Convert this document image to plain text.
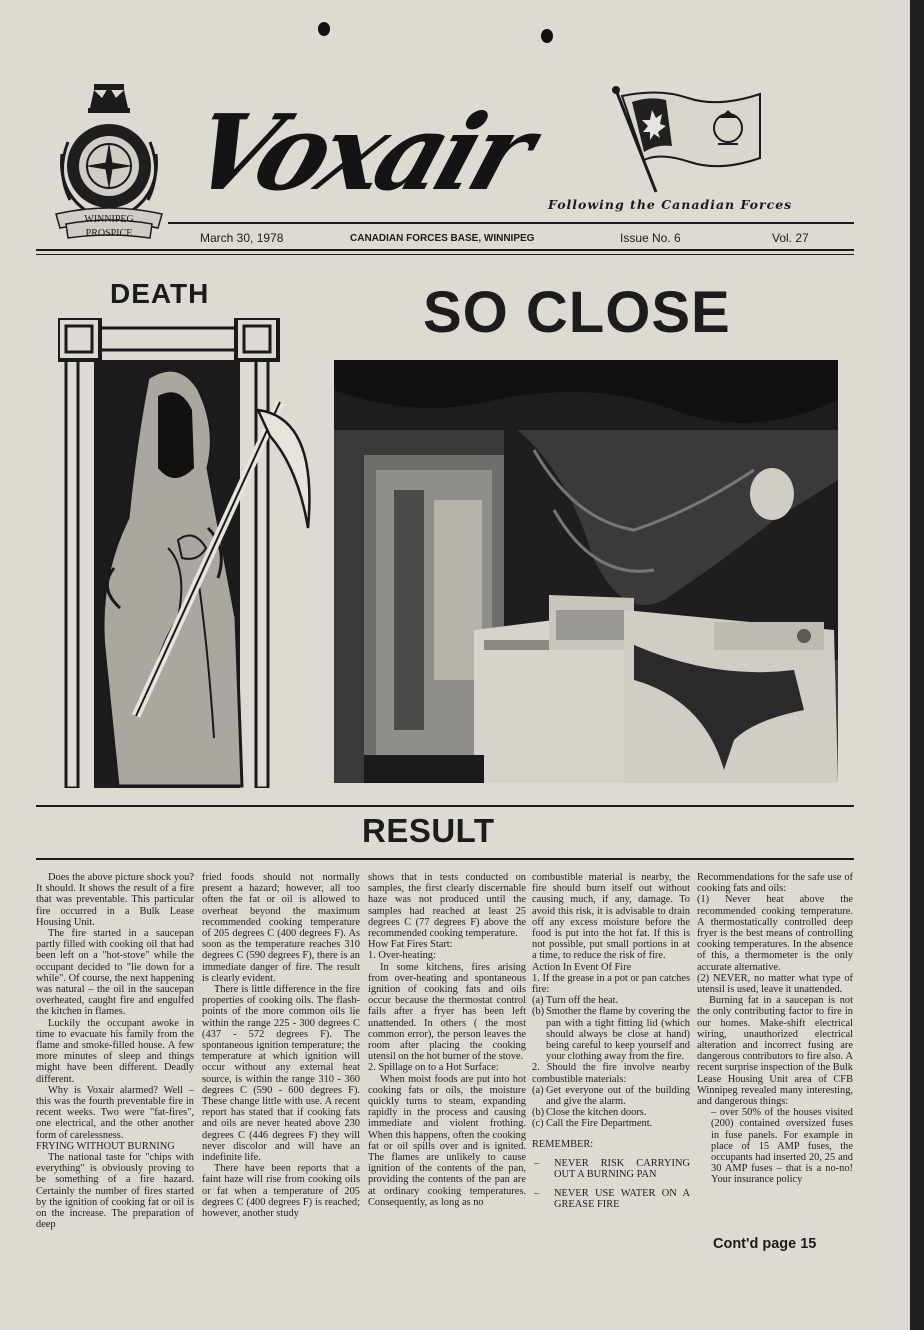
WINNIPEG
PROSPICE
Voxair Following the Canadian Forces
March 30, 1978	CANADIAN FORCES BASE, WINNIPEG	Issue No. 6	Vol. 27
DEATH	SO CLOSE
RESULT

Does the above picture shock you? It should. It shows the result of a fire that was preventable. This particular fire occurred in a Bulk Lease Housing Unit.

The fire started in a saucepan partly filled with cooking oil that had been left on a "hot-stove" while the occupant decided to "lie down for a while". Of course, the next happening was natural – the oil in the saucepan overheated, caught fire and engulfed the kitchen in flames.

Luckily the occupant awoke in time to evacuate his family from the flame and smoke-filled house. A few more minutes of sleep and things might have been different. Deadly different.

Why is Voxair alarmed? Well – this was the fourth preventable fire in recent weeks. Two were "fat-fires", one electrical, and the other another form of carelessness.

FRYING WITHOUT BURNING

The national taste for "chips with everything" is obviously proving to be something of a fire hazard. Certainly the number of fires started by the ignition of cooking fat or oil is on the increase. The preparation of deep

fried foods should not normally present a hazard; however, all too often the fat or oil is allowed to overheat beyond the maximum recommended cooking temperature of 205 degrees C (400 degrees F). As soon as the temperature reaches 310 degrees C (590 degrees F), there is an immediate danger of fire. The result is clearly evident.

There is little difference in the fire properties of cooking oils. The flash-points of the more common oils lie within the range 225 - 300 degrees C (437 - 572 degrees F). The spontaneous ignition temperature; the temperature at which ignition will occur without any external heat source, is within the range 310 - 360 degrees C (590 - 600 degrees F). These change little with use. A recent report has stated that if cooking fats and oils are never heated above 230 degrees C (446 degrees F) they will never discolor and will have an indefinite life.

There have been reports that a faint haze will rise from cooking oils or fat when a temperature of 205 degrees C (400 degrees F) is reached; however, another study

shows that in tests conducted on samples, the first clearly discernable haze was not produced until the samples had reached at least 25 degrees C (77 degrees F) above the recommended cooking temperature.

How Fat Fires Start:

1. Over-heating:

In some kitchens, fires arising from over-heating and spontaneous ignition of cooking fats and oils occur because the thermostat control fails after a fryer has been left unattended. In others ( the most common error), the person leaves the room after placing the cooking utensil on the hot burner of the stove.

2. Spillage on to a Hot Surface:

When moist foods are put into hot cooking fats or oils, the moisture quickly turns to steam, expanding rapidly in the process and causing immediate and violent frothing. When this happens, often the cooking fat or oil spills over and is ignited. The flames are unlikely to cause ignition of the contents of the pan, providing the contents of the pan are at ordinary cooking temperatures. Consequently, as long as no

combustible material is nearby, the fire should burn itself out without causing much, if any, damage. To avoid this risk, it is advisable to drain off any excess moisture before the food is put into the hot fat. If this is not possible, put small portions in at a time, to reduce the risk of fire.

Action In Event Of Fire

1. If the grease in a pot or pan catches fire:

(a) Turn off the heat.

(b) Smother the flame by covering the pan with a tight fitting lid (which should always be close at hand) being careful to keep yourself and your clothing away from the fire.

2. Should the fire involve nearby combustible materials:

(a) Get everyone out of the building and give the alarm.

(b) Close the kitchen doors.

(c) Call the Fire Department.

REMEMBER:

– NEVER RISK CARRYING OUT A BURNING PAN

– NEVER USE WATER ON A GREASE FIRE

Recommendations for the safe use of cooking fats and oils:

(1) Never heat above the recommended cooking temperature. A thermostatically controlled deep fryer is the best means of controlling cooking temperatures. In the absence of this, a thermometer is the only accurate alternative.

(2) NEVER, no matter what type of utensil is used, leave it unattended.

Burning fat in a saucepan is not the only contributing factor to fire in our homes. Make-shift electrical wiring, unauthorized electrical alteration and incorrect fusing are dangerous contributors to fire also. A recent surprise inspection of the Bulk Lease Housing Unit area of CFB Winnipeg revealed many interesting, and dangerous things:

– over 50% of the houses visited (200) contained oversized fuses in fuse panels. For example in place of 15 AMP fuses, the occupants had inserted 20, 25 and 30 AMP fuses – that is a no-no! Your insurance policy

Cont'd page 15
